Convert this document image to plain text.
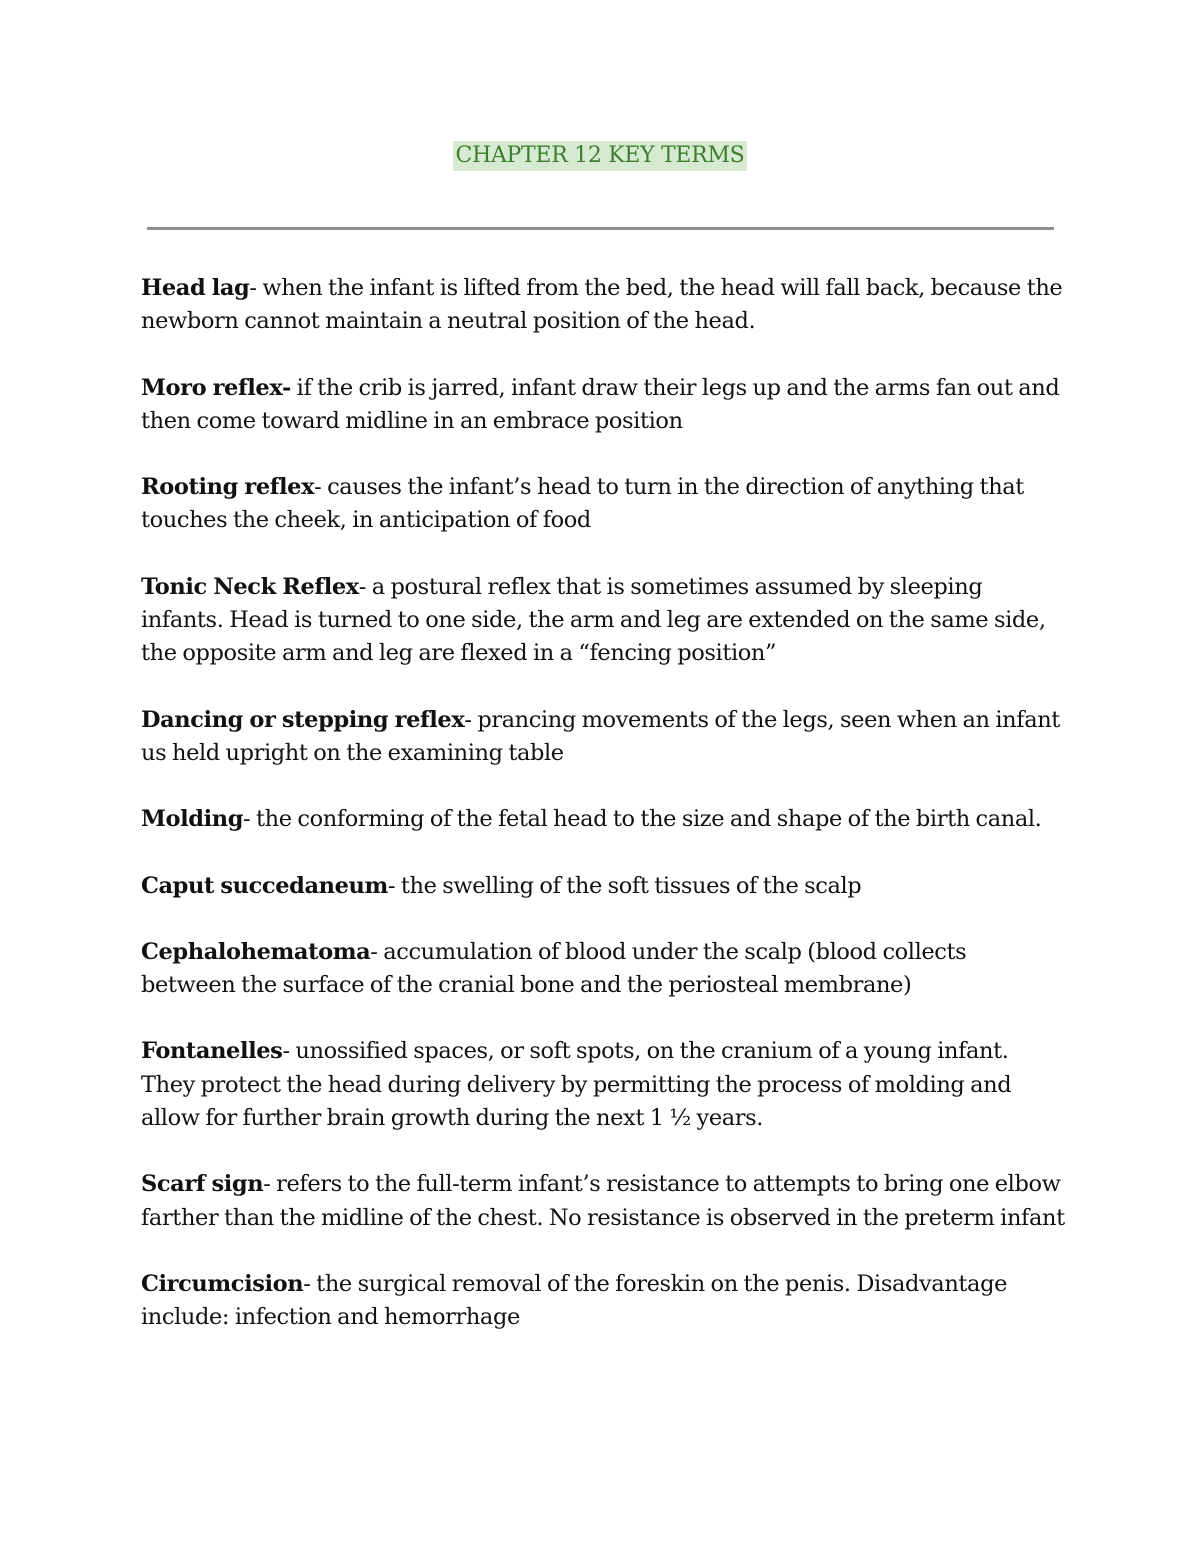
CHAPTER 12 KEY TERMS

Head lag- when the infant is lifted from the bed, the head will fall back, because the newborn cannot maintain a neutral position of the head.

Moro reflex- if the crib is jarred, infant draw their legs up and the arms fan out and then come toward midline in an embrace position

Rooting reflex- causes the infant’s head to turn in the direction of anything that touches the cheek, in anticipation of food

Tonic Neck Reflex- a postural reflex that is sometimes assumed by sleeping infants. Head is turned to one side, the arm and leg are extended on the same side, the opposite arm and leg are flexed in a “fencing position”

Dancing or stepping reflex- prancing movements of the legs, seen when an infant us held upright on the examining table

Molding- the conforming of the fetal head to the size and shape of the birth canal.

Caput succedaneum- the swelling of the soft tissues of the scalp

Cephalohematoma- accumulation of blood under the scalp (blood collects between the surface of the cranial bone and the periosteal membrane)

Fontanelles- unossified spaces, or soft spots, on the cranium of a young infant. They protect the head during delivery by permitting the process of molding and allow for further brain growth during the next 1 ½ years.

Scarf sign- refers to the full-term infant’s resistance to attempts to bring one elbow farther than the midline of the chest. No resistance is observed in the preterm infant

Circumcision- the surgical removal of the foreskin on the penis. Disadvantage include: infection and hemorrhage
